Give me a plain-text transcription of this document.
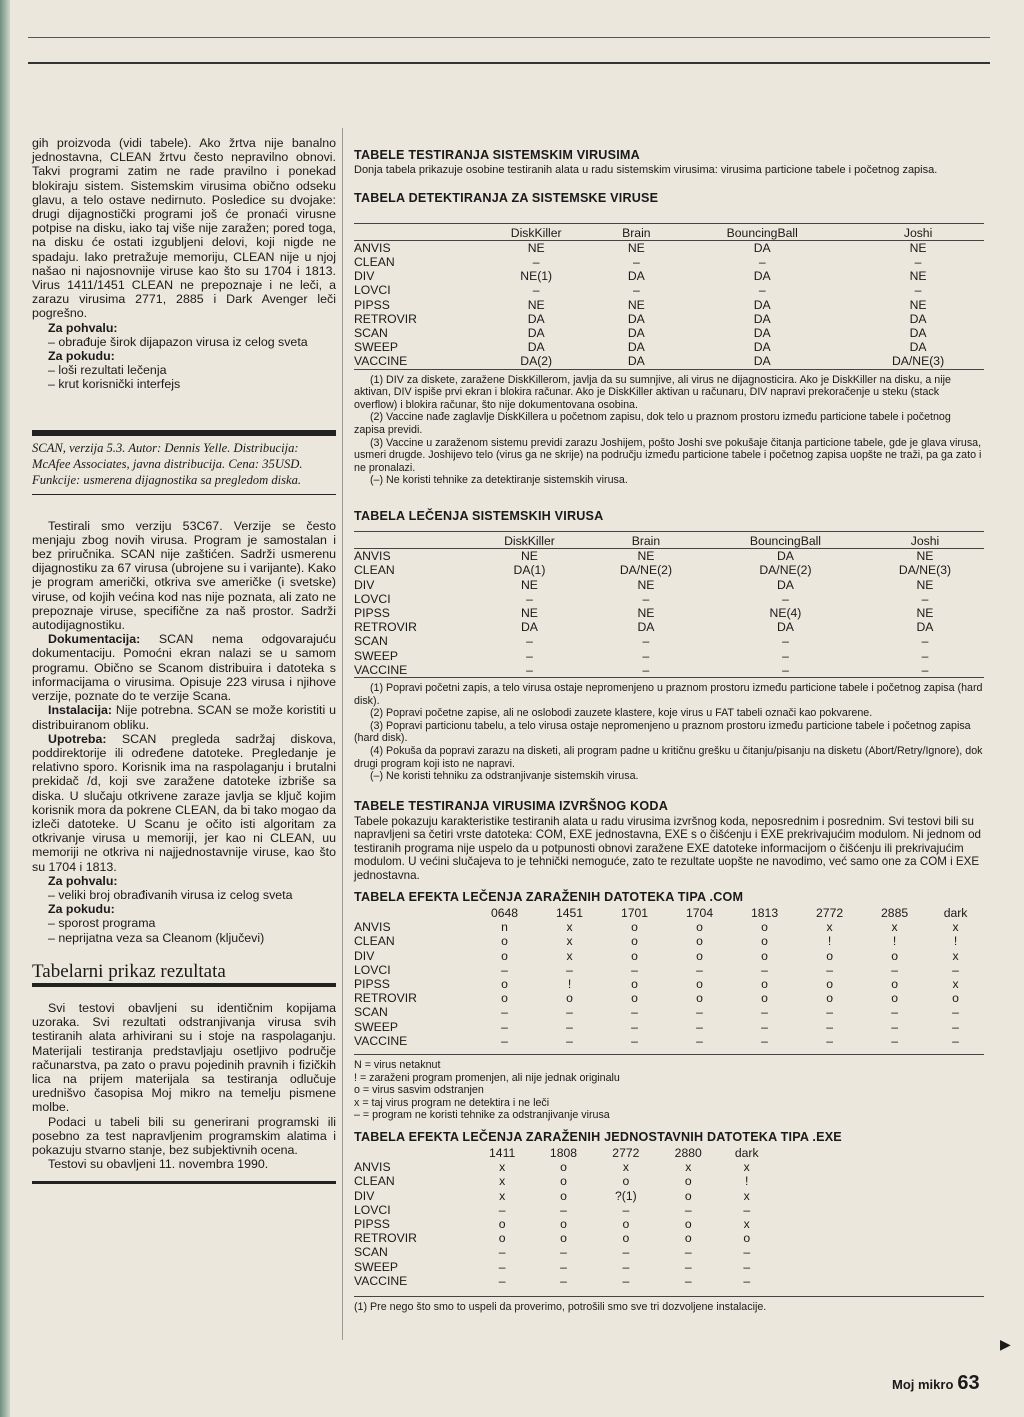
gih proizvoda (vidi tabele). Ako žrtva nije banalno jednostavna, CLEAN žrtvu često nepravilno obnovi. Takvi programi zatim ne rade pravilno i ponekad blokiraju sistem. Sistemskim virusima obično odseku glavu, a telo ostave nedirnuto. Posledice su dvojake: drugi dijagnostički programi još će pronaći virusne potpise na disku, iako taj više nije zaražen; pored toga, na disku će ostati izgubljeni delovi, koji nigde ne spadaju. Iako pretražuje memoriju, CLEAN nije u njoj našao ni najosnovnije viruse kao što su 1704 i 1813. Virus 1411/1451 CLEAN ne prepoznaje i ne leči, a zarazu virusima 2771, 2885 i Dark Avenger leči pogrešno.

Za pohvalu:

– obrađuje širok dijapazon virusa iz celog sveta

Za pokudu:

– loši rezultati lečenja

– krut korisnički interfejs

SCAN, verzija 5.3. Autor: Dennis Yelle. Distribucija: McAfee Associates, javna distribucija. Cena: 35USD. Funkcije: usmerena dijagnostika sa pregledom diska.

Testirali smo verziju 53C67. Verzije se često menjaju zbog novih virusa. Program je samostalan i bez priručnika. SCAN nije zaštićen. Sadrži usmerenu dijagnostiku za 67 virusa (ubrojene su i varijante). Kako je program američki, otkriva sve američke (i svetske) viruse, od kojih većina kod nas nije poznata, ali zato ne prepoznaje viruse, specifične za naš prostor. Sadrži autodijagnostiku.

Dokumentacija: SCAN nema odgovarajuću dokumentaciju. Pomoćni ekran nalazi se u samom programu. Obično se Scanom distribuira i datoteka s informacijama o virusima. Opisuje 223 virusa i njihove verzije, poznate do te verzije Scana.

Instalacija: Nije potrebna. SCAN se može koristiti u distribuiranom obliku.

Upotreba: SCAN pregleda sadržaj diskova, poddirektorije ili određene datoteke. Pregledanje je relativno sporo. Korisnik ima na raspolaganju i brutalni prekidač /d, koji sve zaražene datoteke izbriše sa diska. U slučaju otkrivene zaraze javlja se ključ kojim korisnik mora da pokrene CLEAN, da bi tako mogao da izleči datoteke. U Scanu je očito isti algoritam za otkrivanje virusa u memoriji, jer kao ni CLEAN, uu memoriji ne otkriva ni najjednostavnije viruse, kao što su 1704 i 1813.

Za pohvalu:

– veliki broj obrađivanih virusa iz celog sveta

Za pokudu:

– sporost programa

– neprijatna veza sa Cleanom (ključevi)

Tabelarni prikaz rezultata

Svi testovi obavljeni su identičnim kopijama uzoraka. Svi rezultati odstranjivanja virusa svih testiranih alata arhivirani su i stoje na raspolaganju. Materijali testiranja predstavljaju osetljivo područje računarstva, pa zato o pravu pojedinih pravnih i fizičkih lica na prijem materijala sa testiranja odlučuje urednišvo časopisa Moj mikro na temelju pismene molbe.

Podaci u tabeli bili su generirani programski ili posebno za test napravljenim programskim alatima i pokazuju stvarno stanje, bez subjektivnih ocena.

Testovi su obavljeni 11. novembra 1990.

TABELE TESTIRANJA SISTEMSKIM VIRUSIMA

Donja tabela prikazuje osobine testiranih alata u radu sistemskim virusima: virusima particione tabele i početnog zapisa.

TABELA DETEKTIRANJA ZA SISTEMSKE VIRUSE

	DiskKiller	Brain	BouncingBall	Joshi
ANVIS	NE	NE	DA	NE
CLEAN	–	–	–	–
DIV	NE(1)	DA	DA	NE
LOVCI	–	–	–	–
PIPSS	NE	NE	DA	NE
RETROVIR	DA	DA	DA	DA
SCAN	DA	DA	DA	DA
SWEEP	DA	DA	DA	DA
VACCINE	DA(2)	DA	DA	DA/NE(3)
(1) DIV za diskete, zaražene DiskKillerom, javlja da su sumnjive, ali virus ne dijagnosticira. Ako je DiskKiller na disku, a nije aktivan, DIV ispiše prvi ekran i blokira računar. Ako je DiskKiller aktivan u računaru, DIV napravi prekoračenje u steku (stack overflow) i blokira računar, što nije dokumentovana osobina.
(2) Vaccine nađe zaglavlje DiskKillera u početnom zapisu, dok telo u praznom prostoru između particione tabele i početnog zapisa previdi.
(3) Vaccine u zaraženom sistemu previdi zarazu Joshijem, pošto Joshi sve pokušaje čitanja particione tabele, gde je glava virusa, usmeri drugde. Joshijevo telo (virus ga ne skrije) na području između particione tabele i početnog zapisa uopšte ne traži, pa ga zato i ne pronalazi.
(–) Ne koristi tehnike za detektiranje sistemskih virusa.

TABELA LEČENJA SISTEMSKIH VIRUSA

	DiskKiller	Brain	BouncingBall	Joshi
ANVIS	NE	NE	DA	NE
CLEAN	DA(1)	DA/NE(2)	DA/NE(2)	DA/NE(3)
DIV	NE	NE	DA	NE
LOVCI	–	–	–	–
PIPSS	NE	NE	NE(4)	NE
RETROVIR	DA	DA	DA	DA
SCAN	–	–	–	–
SWEEP	–	–	–	–
VACCINE	–	–	–	–
(1) Popravi početni zapis, a telo virusa ostaje nepromenjeno u praznom prostoru između particione tabele i početnog zapisa (hard disk).
(2) Popravi početne zapise, ali ne oslobodi zauzete klastere, koje virus u FAT tabeli označi kao pokvarene.
(3) Popravi particionu tabelu, a telo virusa ostaje nepromenjeno u praznom prostoru između particione tabele i početnog zapisa (hard disk).
(4) Pokuša da popravi zarazu na disketi, ali program padne u kritičnu grešku u čitanju/pisanju na disketu (Abort/Retry/Ignore), dok drugi program koji isto ne napravi.
(–) Ne koristi tehniku za odstranjivanje sistemskih virusa.

TABELE TESTIRANJA VIRUSIMA IZVRŠNOG KODA

Tabele pokazuju karakteristike testiranih alata u radu virusima izvršnog koda, neposrednim i posrednim. Svi testovi bili su napravljeni sa četiri vrste datoteka: COM, EXE jednostavna, EXE s o čišćenju i EXE prekrivajućim modulom. Ni jednom od testiranih programa nije uspelo da u potpunosti obnovi zaražene EXE datoteke informacijom o čišćenju ili prekrivajućim modulom. U većini slučajeva to je tehnički nemoguće, zato te rezultate uopšte ne navodimo, već samo one za COM i EXE jednostavna.

TABELA EFEKTA LEČENJA ZARAŽENIH DATOTEKA TIPA .COM

	0648	1451	1701	1704	1813	2772	2885	dark
ANVIS	n	x	o	o	o	x	x	x
CLEAN	o	x	o	o	o	!	!	!
DIV	o	x	o	o	o	o	o	x
LOVCI	–	–	–	–	–	–	–	–
PIPSS	o	!	o	o	o	o	o	x
RETROVIR	o	o	o	o	o	o	o	o
SCAN	–	–	–	–	–	–	–	–
SWEEP	–	–	–	–	–	–	–	–
VACCINE	–	–	–	–	–	–	–	–
N = virus netaknut
! = zaraženi program promenjen, ali nije jednak originalu
o = virus sasvim odstranjen
x = taj virus program ne detektira i ne leči
– = program ne koristi tehnike za odstranjivanje virusa

TABELA EFEKTA LEČENJA ZARAŽENIH JEDNOSTAVNIH DATOTEKA TIPA .EXE

	1411	1808	2772	2880	dark
ANVIS	x	o	x	x	x
CLEAN	x	o	o	o	!
DIV	x	o	?(1)	o	x
LOVCI	–	–	–	–	–
PIPSS	o	o	o	o	x
RETROVIR	o	o	o	o	o
SCAN	–	–	–	–	–
SWEEP	–	–	–	–	–
VACCINE	–	–	–	–	–
(1) Pre nego što smo to uspeli da proverimo, potrošili smo sve tri dozvoljene instalacije.
▶
Moj mikro 63
